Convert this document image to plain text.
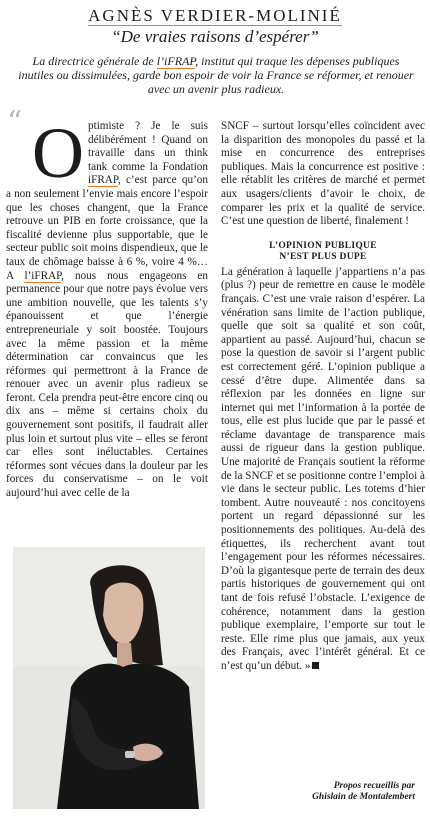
AGNÈS VERDIER-MOLINIÉ
“De vraies raisons d’espérer”
La directrice générale de l’iFRAP, institut qui traque les dépenses publiques inutiles ou dissimulées, garde bon espoir de voir la France se réformer, et renouer avec un avenir plus radieux.
“ Optimiste ? Je le suis délibérément ! Quand on travaille dans un think tank comme la Fondation iFRAP, c’est parce qu’on a non seulement l’envie mais encore l’espoir que les choses changent, que la France retrouve un PIB en forte croissance, que la fiscalité devienne plus supportable, que le secteur public soit moins dispendieux, que le taux de chômage baisse à 6 %, voire 4 %… A l’iFRAP, nous nous engageons en permanence pour que notre pays évolue vers une ambition nouvelle, que les talents s’y épanouissent et que l’énergie entrepreneuriale y soit boostée. Toujours avec la même passion et la même détermination car convaincus que les réformes qui permettront à la France de renouer avec un avenir plus radieux se feront. Cela prendra peut-être encore cinq ou dix ans – même si certains choix du gouvernement sont positifs, il faudrait aller plus loin et surtout plus vite – elles se feront car elles sont inéluctables. Certaines réformes sont vécues dans la douleur par les forces du conservatisme – on le voit aujourd’hui avec celle de la

SNCF – surtout lorsqu’elles coïncident avec la disparition des monopoles du passé et la mise en concurrence des entreprises publiques. Mais la concurrence est positive : elle rétablit les critères de marché et permet aux usagers/clients d’avoir le choix, de comparer les prix et la qualité de service. C’est une question de liberté, finalement !

L’OPINION PUBLIQUE
N’EST PLUS DUPE

La génération à laquelle j’appartiens n’a pas (plus ?) peur de remettre en cause le modèle français. C’est une vraie raison d’espérer. La vénération sans limite de l’action publique, quelle que soit sa qualité et son coût, appartient au passé. Aujourd’hui, chacun se pose la question de savoir si l’argent public est correctement géré. L’opinion publique a cessé d’être dupe. Alimentée dans sa réflexion par les données en ligne sur internet qui met l’information à la portée de tous, elle est plus lucide que par le passé et réclame davantage de transparence mais aussi de rigueur dans la gestion publique. Une majorité de Français soutient la réforme de la SNCF et se positionne contre l’emploi à vie dans le secteur public. Les totems d’hier tombent. Autre nouveauté : nos concitoyens portent un regard dépassionné sur les positionnements des politiques. Au-delà des étiquettes, ils recherchent avant tout l’engagement pour les réformes nécessaires. D’où la gigantesque perte de terrain des deux partis historiques de gouvernement qui ont tant de fois refusé l’obstacle. L’exigence de cohérence, notamment dans la gestion publique exemplaire, l’emporte sur tout le reste. Elle rime plus que jamais, aux yeux des Français, avec l’intérêt général. Et ce n’est qu’un début. »

Propos recueillis par
Ghislain de Montalembert
